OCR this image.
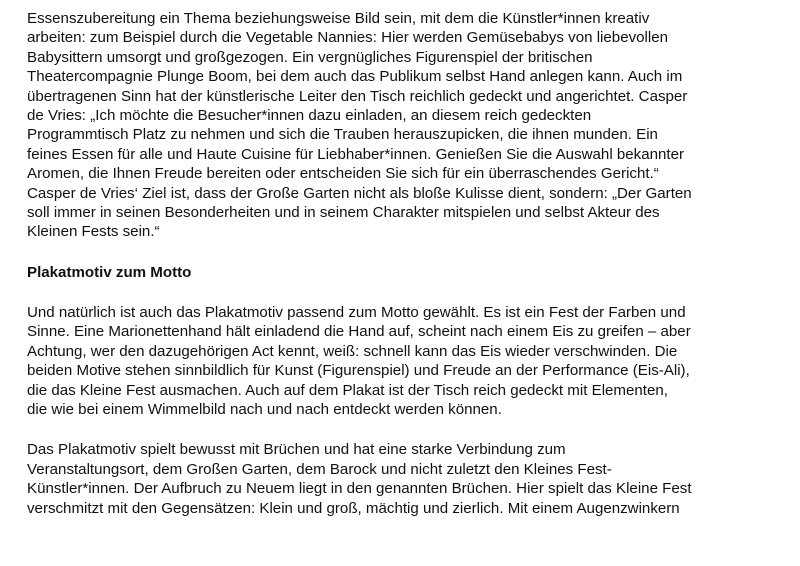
Essenszubereitung ein Thema beziehungsweise Bild sein, mit dem die Künstler*innen kreativ
arbeiten: zum Beispiel durch die Vegetable Nannies: Hier werden Gemüsebabys von liebevollen
Babysittern umsorgt und großgezogen. Ein vergnügliches Figurenspiel der britischen
Theatercompagnie Plunge Boom, bei dem auch das Publikum selbst Hand anlegen kann. Auch im
übertragenen Sinn hat der künstlerische Leiter den Tisch reichlich gedeckt und angerichtet. Casper
de Vries: „Ich möchte die Besucher*innen dazu einladen, an diesem reich gedeckten
Programmtisch Platz zu nehmen und sich die Trauben herauszupicken, die ihnen munden. Ein
feines Essen für alle und Haute Cuisine für Liebhaber*innen. Genießen Sie die Auswahl bekannter
Aromen, die Ihnen Freude bereiten oder entscheiden Sie sich für ein überraschendes Gericht.“
Casper de Vries‘ Ziel ist, dass der Große Garten nicht als bloße Kulisse dient, sondern: „Der Garten
soll immer in seinen Besonderheiten und in seinem Charakter mitspielen und selbst Akteur des
Kleinen Fests sein.“
Plakatmotiv zum Motto
Und natürlich ist auch das Plakatmotiv passend zum Motto gewählt. Es ist ein Fest der Farben und
Sinne. Eine Marionettenhand hält einladend die Hand auf, scheint nach einem Eis zu greifen – aber
Achtung, wer den dazugehörigen Act kennt, weiß: schnell kann das Eis wieder verschwinden. Die
beiden Motive stehen sinnbildlich für Kunst (Figurenspiel) und Freude an der Performance (Eis-Ali),
die das Kleine Fest ausmachen. Auch auf dem Plakat ist der Tisch reich gedeckt mit Elementen,
die wie bei einem Wimmelbild nach und nach entdeckt werden können.
Das Plakatmotiv spielt bewusst mit Brüchen und hat eine starke Verbindung zum
Veranstaltungsort, dem Großen Garten, dem Barock und nicht zuletzt den Kleines Fest-
Künstler*innen. Der Aufbruch zu Neuem liegt in den genannten Brüchen. Hier spielt das Kleine Fest
verschmitzt mit den Gegensätzen: Klein und groß, mächtig und zierlich. Mit einem Augenzwinkern
